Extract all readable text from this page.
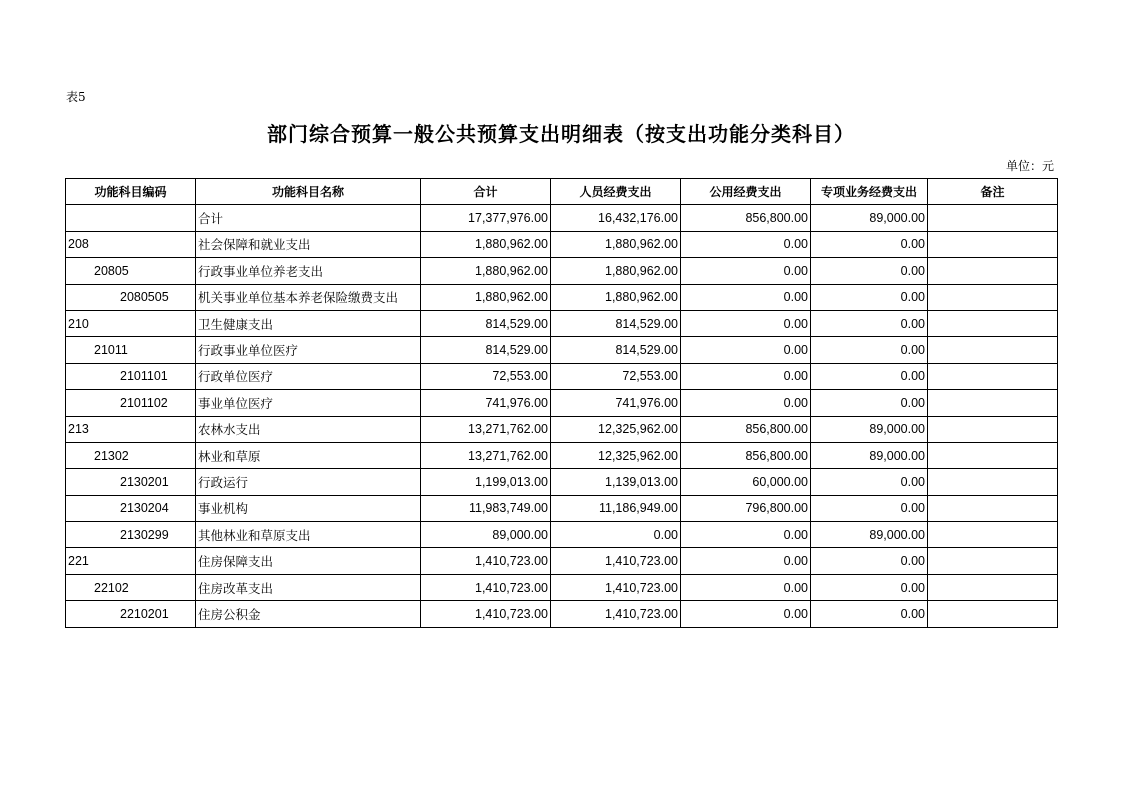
表5
部门综合预算一般公共预算支出明细表（按支出功能分类科目）
单位：元
功能科目编码	功能科目名称	合计	人员经费支出	公用经费支出	专项业务经费支出	备注
	合计	17,377,976.00	16,432,176.00	856,800.00	89,000.00	
208	社会保障和就业支出	1,880,962.00	1,880,962.00	0.00	0.00	
20805	行政事业单位养老支出	1,880,962.00	1,880,962.00	0.00	0.00	
2080505	机关事业单位基本养老保险缴费支出	1,880,962.00	1,880,962.00	0.00	0.00	
210	卫生健康支出	814,529.00	814,529.00	0.00	0.00	
21011	行政事业单位医疗	814,529.00	814,529.00	0.00	0.00	
2101101	行政单位医疗	72,553.00	72,553.00	0.00	0.00	
2101102	事业单位医疗	741,976.00	741,976.00	0.00	0.00	
213	农林水支出	13,271,762.00	12,325,962.00	856,800.00	89,000.00	
21302	林业和草原	13,271,762.00	12,325,962.00	856,800.00	89,000.00	
2130201	行政运行	1,199,013.00	1,139,013.00	60,000.00	0.00	
2130204	事业机构	11,983,749.00	11,186,949.00	796,800.00	0.00	
2130299	其他林业和草原支出	89,000.00	0.00	0.00	89,000.00	
221	住房保障支出	1,410,723.00	1,410,723.00	0.00	0.00	
22102	住房改革支出	1,410,723.00	1,410,723.00	0.00	0.00	
2210201	住房公积金	1,410,723.00	1,410,723.00	0.00	0.00	
